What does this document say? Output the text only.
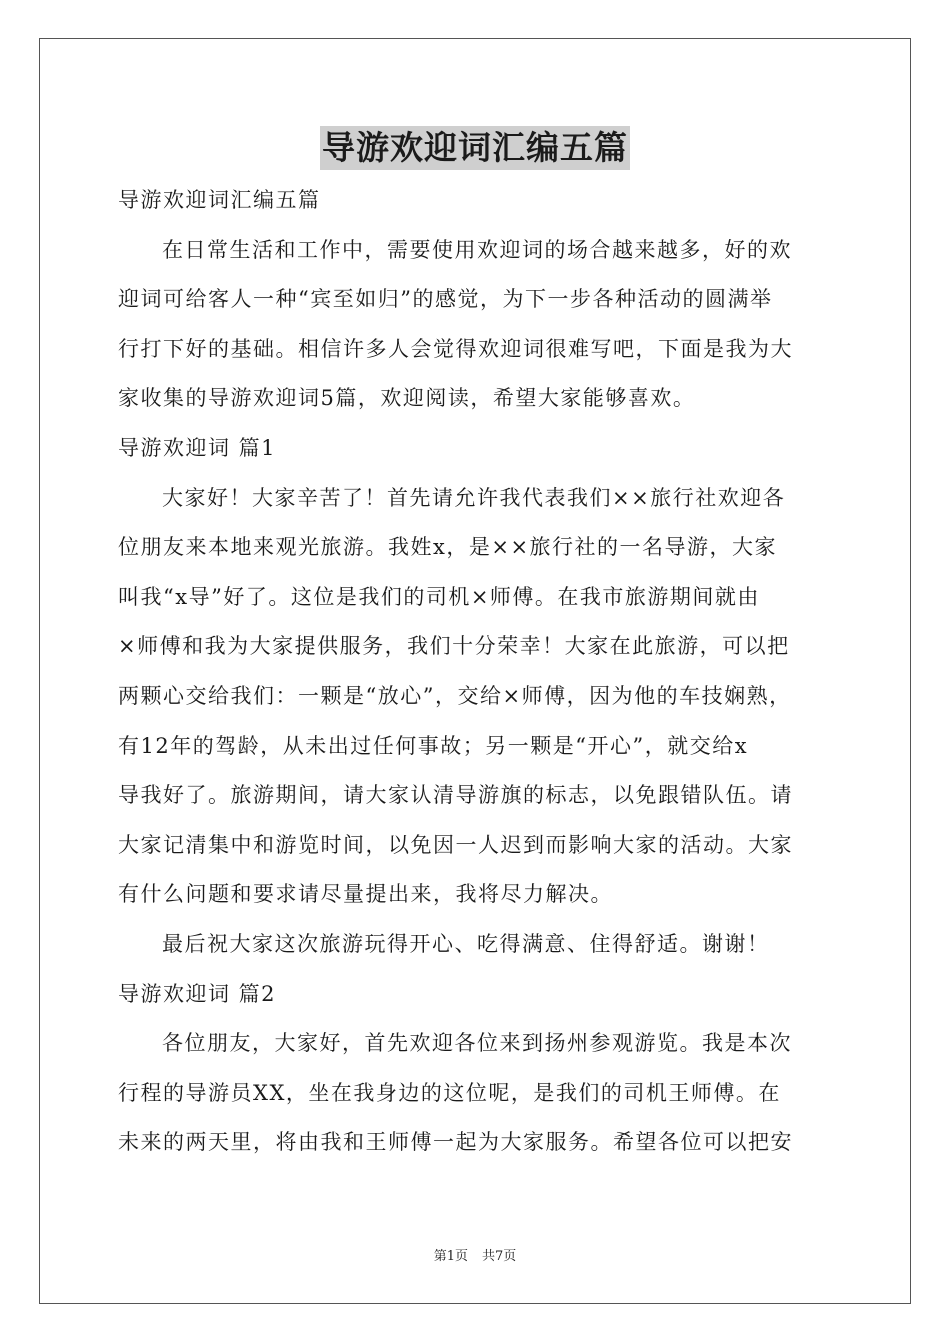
导游欢迎词汇编五篇

导游欢迎词汇编五篇

在日常生活和工作中，需要使用欢迎词的场合越来越多，好的欢

迎词可给客人一种“宾至如归”的感觉，为下一步各种活动的圆满举

行打下好的基础。相信许多人会觉得欢迎词很难写吧，下面是我为大

家收集的导游欢迎词5篇，欢迎阅读，希望大家能够喜欢。

导游欢迎词 篇1

大家好！大家辛苦了！首先请允许我代表我们××旅行社欢迎各

位朋友来本地来观光旅游。我姓x，是××旅行社的一名导游，大家

叫我“x导”好了。这位是我们的司机×师傅。在我市旅游期间就由

×师傅和我为大家提供服务，我们十分荣幸！大家在此旅游，可以把

两颗心交给我们：一颗是“放心”，交给×师傅，因为他的车技娴熟，

有12年的驾龄，从未出过任何事故；另一颗是“开心”，就交给x

导我好了。旅游期间，请大家认清导游旗的标志，以免跟错队伍。请

大家记清集中和游览时间，以免因一人迟到而影响大家的活动。大家

有什么问题和要求请尽量提出来，我将尽力解决。

最后祝大家这次旅游玩得开心、吃得满意、住得舒适。谢谢！

导游欢迎词 篇2

各位朋友，大家好，首先欢迎各位来到扬州参观游览。我是本次

行程的导游员XX，坐在我身边的这位呢，是我们的司机王师傅。在

未来的两天里，将由我和王师傅一起为大家服务。希望各位可以把安

第1页 共7页
